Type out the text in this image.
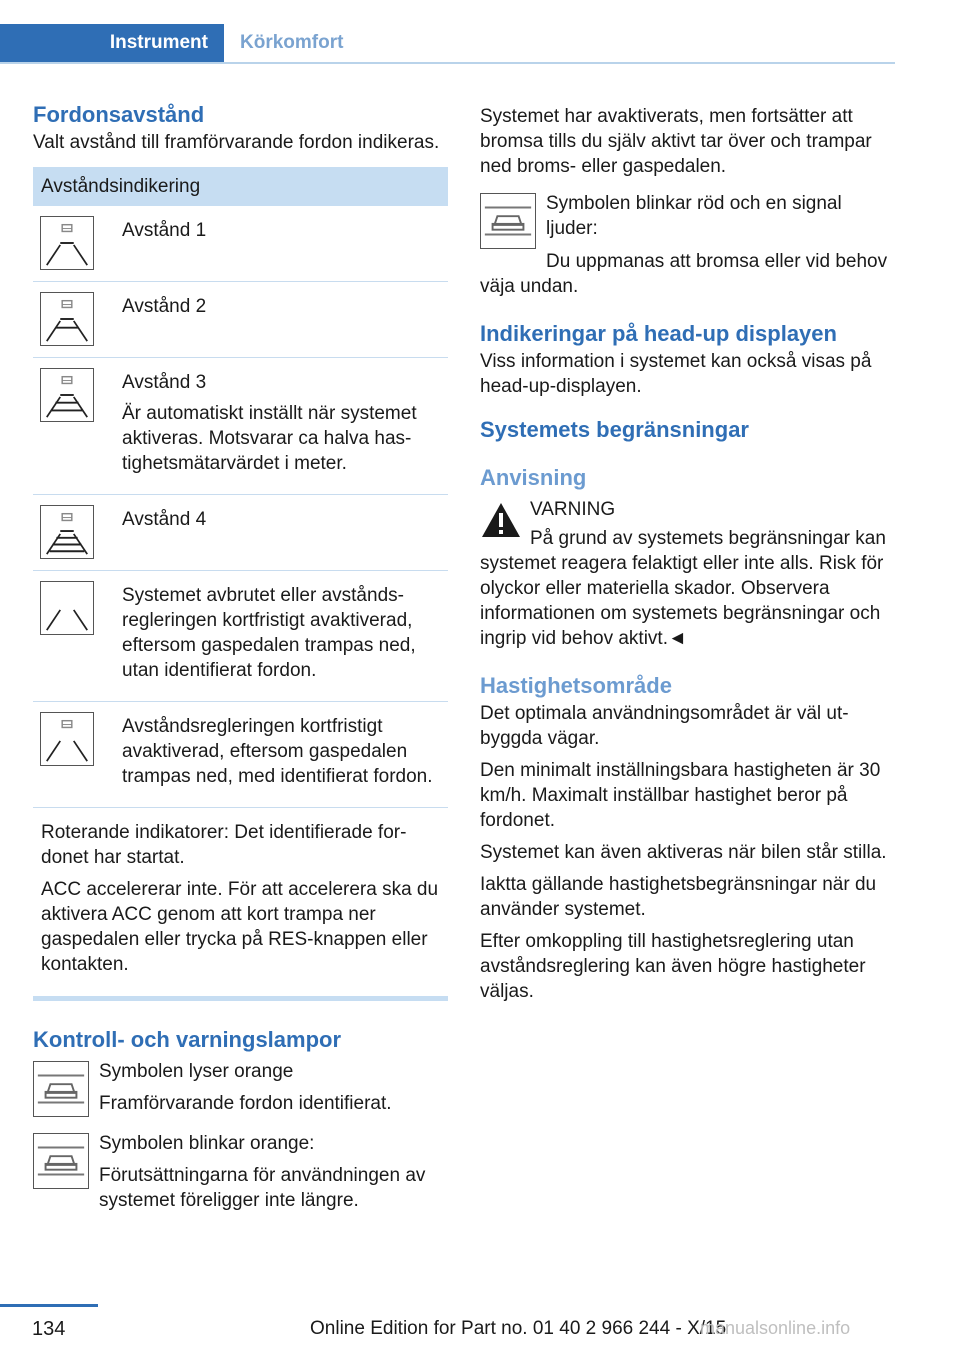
Instrument	Körkomfort
Fordonsavstånd

Valt avstånd till framförvarande fordon indikeras.

Avståndsindikering

Avstånd 1

Avstånd 2

Avstånd 3

Är automatiskt inställt när systemet aktiveras. Motsvarar ca halva hastighetsmätarvärdet i meter.

Avstånd 4

Systemet avbrutet eller avståndsregleringen kortfristigt avaktiverad, eftersom gaspedalen trampas ned, utan identifierat fordon.

Avståndsregleringen kortfristigt avaktiverad, eftersom gaspedalen trampas ned, med identifierat fordon.

Roterande indikatorer: Det identifierade fordonet har startat.

ACC accelererar inte. För att accelerera ska du aktivera ACC genom att kort trampa ner gaspedalen eller trycka på RES-knappen eller kontakten.

Kontroll- och varningslampor

Symbolen lyser orange

Framförvarande fordon identifierat.

Symbolen blinkar orange:

Förutsättningarna för användningen av systemet föreligger inte längre.

Systemet har avaktiverats, men fortsätter att bromsa tills du själv aktivt tar över och trampar ned broms- eller gaspedalen.

Symbolen blinkar röd och en signal ljuder:

Du uppmanas att bromsa eller vid behov väja undan.

Indikeringar på head-up displayen

Viss information i systemet kan också visas på head-up-displayen.

Systemets begränsningar
Anvisning

VARNING

På grund av systemets begränsningar kan systemet reagera felaktigt eller inte alls. Risk för olyckor eller materiella skador. Observera informationen om systemets begränsningar och ingrip vid behov aktivt.◄

Hastighetsområde

Det optimala användningsområdet är väl utbyggda vägar.

Den minimalt inställningsbara hastigheten är 30 km/h. Maximalt inställbar hastighet beror på fordonet.

Systemet kan även aktiveras när bilen står stilla.

Iaktta gällande hastighetsbegränsningar när du använder systemet.

Efter omkoppling till hastighetsreglering utan avståndsreglering kan även högre hastigheter väljas.

134	Online Edition for Part no. 01 40 2 966 244 - X/15
manualsonline.info
